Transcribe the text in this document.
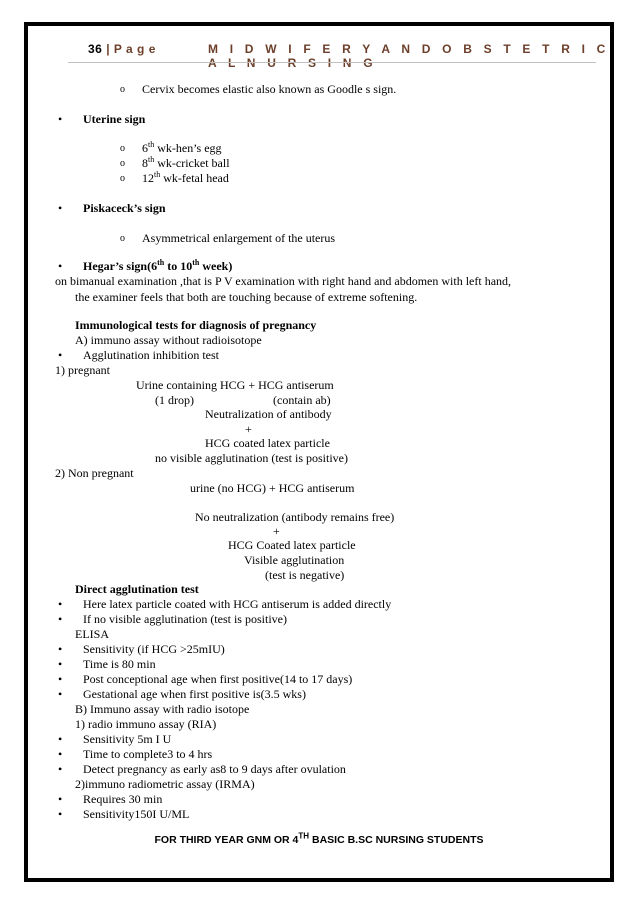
36 | P a g e	M I D W I F E R Y A N D O B S T E T R I C A L N U R S I N G
o Cervix becomes elastic also known as Goodle s sign.
• Uterine sign
o 6th wk-hen’s egg
o 8th wk-cricket ball
o 12th wk-fetal head
• Piskaceck’s sign
o Asymmetrical enlargement of the uterus
• Hegar’s sign(6th to 10th week)
on bimanual examination ,that is P V examination with right hand and abdomen with left hand,
the examiner feels that both are touching because of extreme softening.
Immunological tests for diagnosis of pregnancy
A) immuno assay without radioisotope
• Agglutination inhibition test
1) pregnant
Urine containing HCG + HCG antiserum
(1 drop)	(contain ab)
Neutralization of antibody
+
HCG coated latex particle
no visible agglutination (test is positive)
2) Non pregnant
urine (no HCG) + HCG antiserum
No neutralization (antibody remains free)
+
HCG Coated latex particle
Visible agglutination
(test is negative)
Direct agglutination test
• Here latex particle coated with HCG antiserum is added directly
• If no visible agglutination (test is positive)
ELISA
• Sensitivity (if HCG >25mIU)
• Time is 80 min
• Post conceptional age when first positive(14 to 17 days)
• Gestational age when first positive is(3.5 wks)
B) Immuno assay with radio isotope
1) radio immuno assay (RIA)
• Sensitivity 5m I U
• Time to complete3 to 4 hrs
• Detect pregnancy as early as8 to 9 days after ovulation
2)immuno radiometric assay (IRMA)
• Requires 30 min
• Sensitivity150I U/ML
FOR THIRD YEAR GNM OR 4TH BASIC B.SC NURSING STUDENTS
